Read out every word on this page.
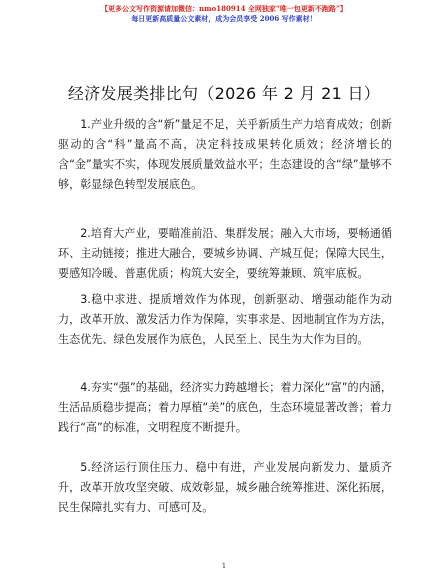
【更多公文写作资源请加微信：nmo180914 全网独家“唯一包更新不跑路”】
每日更新高质量公文素材，成为会员享受 2006 写作素材！
经济发展类排比句（2026 年 2 月 21 日）

1.产业升级的含“新”量足不足，关乎新质生产力培育成效；创新驱动的含“科”量高不高，决定科技成果转化质效；经济增长的含“金”量实不实，体现发展质量效益水平；生态建设的含“绿”量够不够，彰显绿色转型发展底色。

2.培育大产业，要瞄准前沿、集群发展；融入大市场，要畅通循环、主动链接；推进大融合，要城乡协调、产城互促；保障大民生，要感知冷暖、普惠优质；构筑大安全，要统筹兼顾、筑牢底板。

3.稳中求进、提质增效作为体现，创新驱动、增强动能作为动力，改革开放、激发活力作为保障，实事求是、因地制宜作为方法，生态优先、绿色发展作为底色，人民至上、民生为大作为目的。

4.夯实“强”的基础，经济实力跨越增长；着力深化“富”的内涵，生活品质稳步提高；着力厚植“美”的底色，生态环境显著改善；着力践行“高”的标准，文明程度不断提升。

5.经济运行顶住压力、稳中有进，产业发展向新发力、量质齐升，改革开放攻坚突破、成效彰显，城乡融合统筹推进、深化拓展，民生保障扎实有力、可感可及。

1
